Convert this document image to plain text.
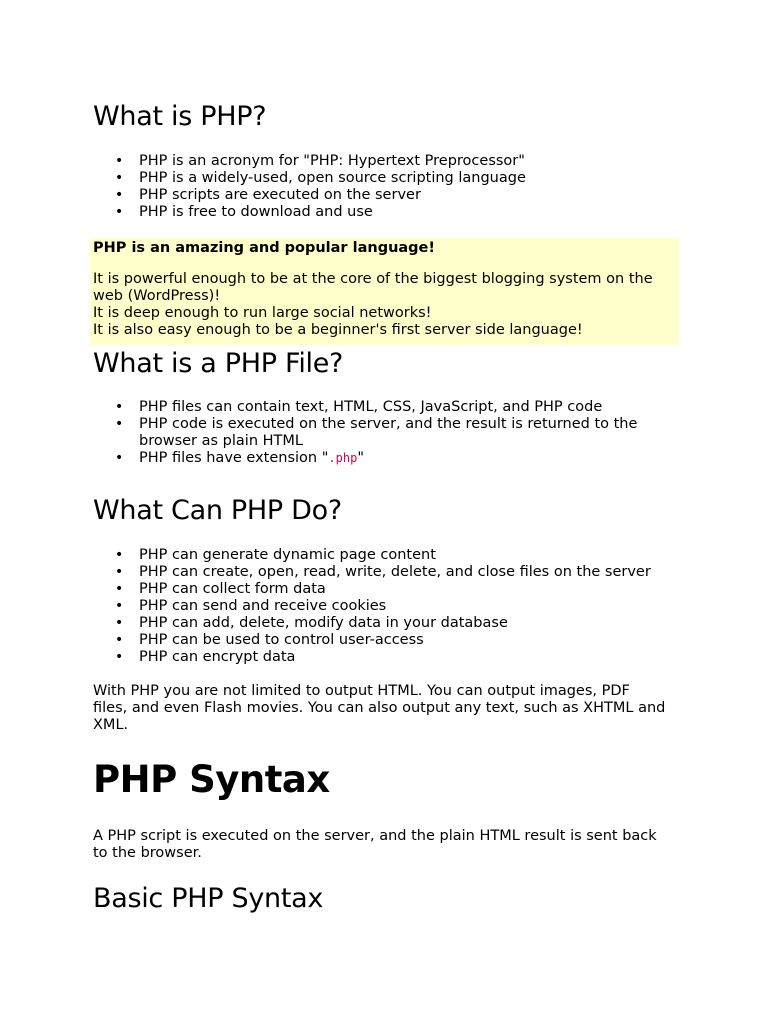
What is PHP?
• PHP is an acronym for "PHP: Hypertext Preprocessor"
• PHP is a widely-used, open source scripting language
• PHP scripts are executed on the server
• PHP is free to download and use

PHP is an amazing and popular language!

It is powerful enough to be at the core of the biggest blogging system on the web (WordPress)!

It is deep enough to run large social networks!

It is also easy enough to be a beginner's first server side language!

What is a PHP File?
• PHP files can contain text, HTML, CSS, JavaScript, and PHP code
• PHP code is executed on the server, and the result is returned to the browser as plain HTML
• PHP files have extension ".php"
What Can PHP Do?
• PHP can generate dynamic page content
• PHP can create, open, read, write, delete, and close files on the server
• PHP can collect form data
• PHP can send and receive cookies
• PHP can add, delete, modify data in your database
• PHP can be used to control user-access
• PHP can encrypt data

With PHP you are not limited to output HTML. You can output images, PDF files, and even Flash movies. You can also output any text, such as XHTML and XML.

PHP Syntax

A PHP script is executed on the server, and the plain HTML result is sent back to the browser.

Basic PHP Syntax
